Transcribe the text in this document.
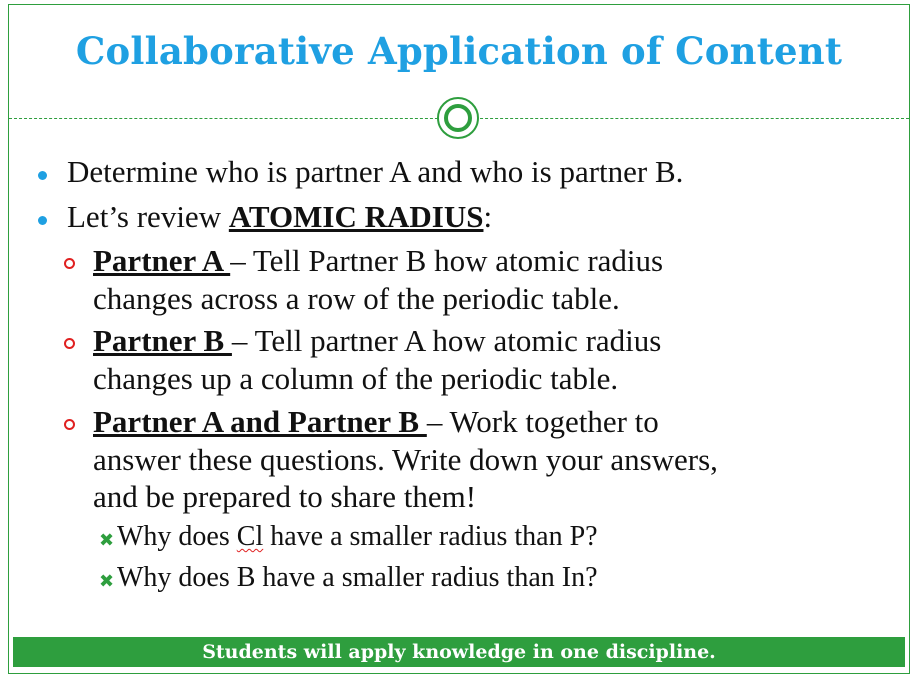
Collaborative Application of Content
Determine who is partner A and who is partner B.
Let’s review ATOMIC RADIUS:
Partner A – Tell Partner B how atomic radius
changes across a row of the periodic table.
Partner B – Tell partner A how atomic radius
changes up a column of the periodic table.
Partner A and Partner B – Work together to
answer these questions. Write down your answers,
and be prepared to share them!
✖ Why does Cl have a smaller radius than P?
✖ Why does B have a smaller radius than In?
Students will apply knowledge in one discipline.
